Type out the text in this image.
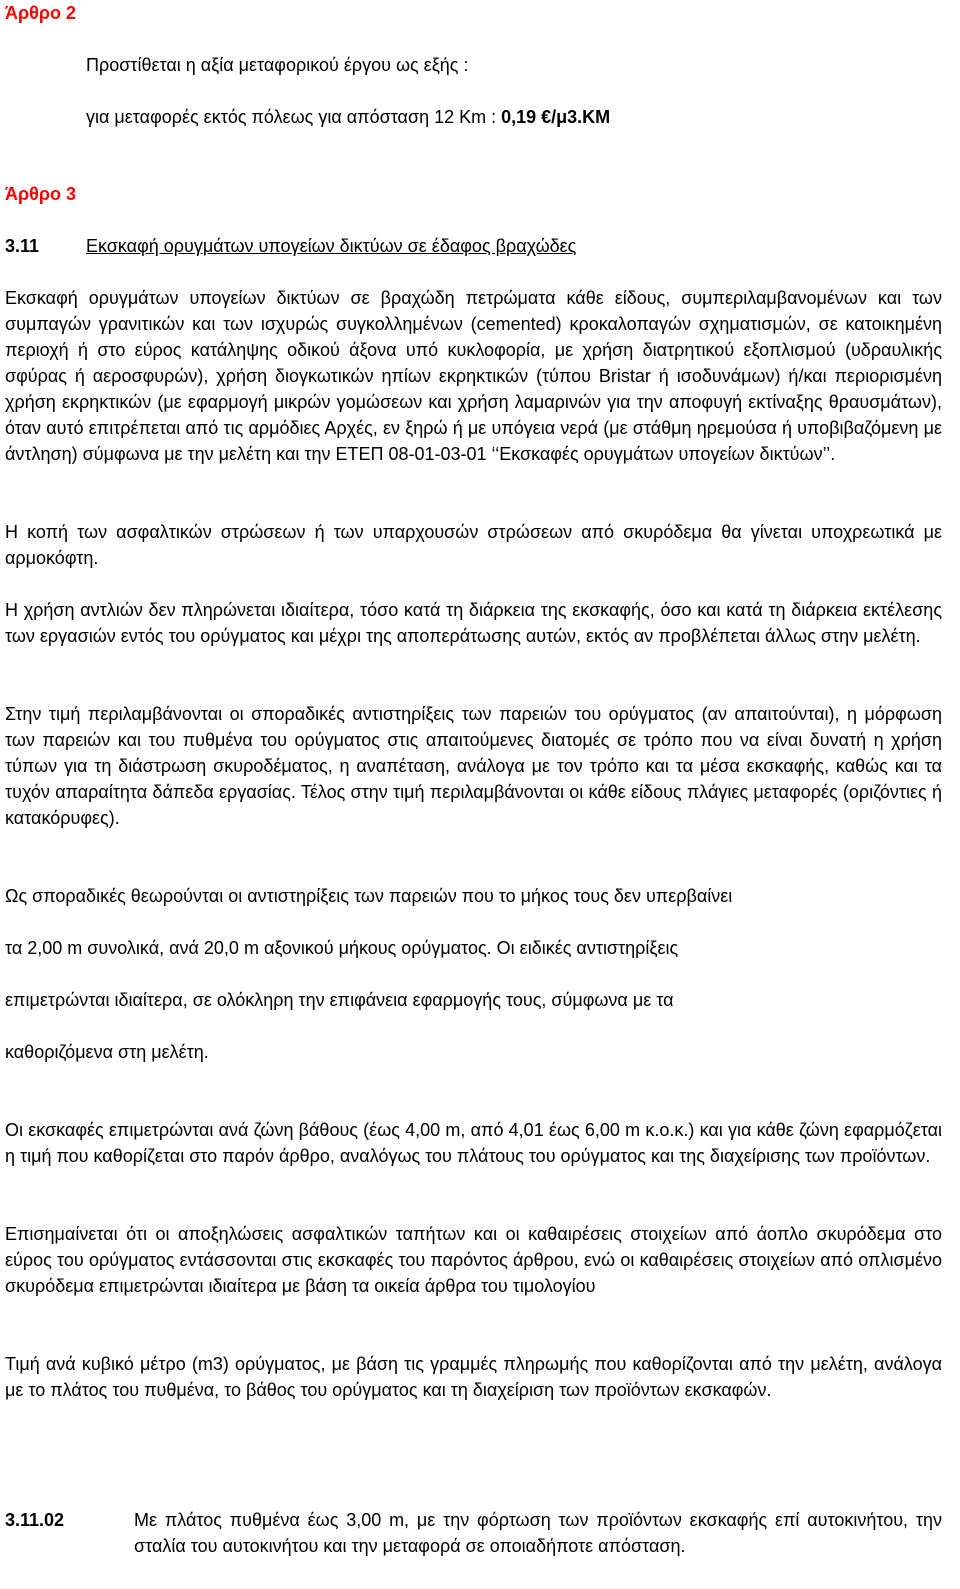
Άρθρο 2
Προστίθεται η αξία μεταφορικού έργου ως εξής :
για μεταφορές εκτός πόλεως για απόσταση 12 Km : 0,19 €/μ3.ΚΜ
Άρθρο 3
3.11	Εκσκαφή ορυγμάτων υπογείων δικτύων σε έδαφος βραχώδες
Εκσκαφή ορυγμάτων υπογείων δικτύων σε βραχώδη πετρώματα κάθε είδους, συμπεριλαμβανομένων και των συμπαγών γρανιτικών και των ισχυρώς συγκολλημένων (cemented) κροκαλοπαγών σχηματισμών, σε κατοικημένη περιοχή ή στο εύρος κατάληψης οδικού άξονα υπό κυκλοφορία, με χρήση διατρητικού εξοπλισμού (υδραυλικής σφύρας ή αεροσφυρών), χρήση διογκωτικών ηπίων εκρηκτικών (τύπου Bristar ή ισοδυνάμων) ή/και περιορισμένη χρήση εκρηκτικών (με εφαρμογή μικρών γομώσεων και χρήση λαμαρινών για την αποφυγή εκτίναξης θραυσμάτων), όταν αυτό επιτρέπεται από τις αρμόδιες Αρχές, εν ξηρώ ή με υπόγεια νερά (με στάθμη ηρεμούσα ή υποβιβαζόμενη με άντληση) σύμφωνα με την μελέτη και την ΕΤΕΠ 08-01-03-01 ‘‘Εκσκαφές ορυγμάτων υπογείων δικτύων’’.
Η κοπή των ασφαλτικών στρώσεων ή των υπαρχουσών στρώσεων από σκυρόδεμα θα γίνεται υποχρεωτικά με αρμοκόφτη.
Η χρήση αντλιών δεν πληρώνεται ιδιαίτερα, τόσο κατά τη διάρκεια της εκσκαφής, όσο και κατά τη διάρκεια εκτέλεσης των εργασιών εντός του ορύγματος και μέχρι της αποπεράτωσης αυτών, εκτός αν προβλέπεται άλλως στην μελέτη.
Στην τιμή περιλαμβάνονται οι σποραδικές αντιστηρίξεις των παρειών του ορύγματος (αν απαιτούνται), η μόρφωση των παρειών και του πυθμένα του ορύγματος στις απαιτούμενες διατομές σε τρόπο που να είναι δυνατή η χρήση τύπων για τη διάστρωση σκυροδέματος, η αναπέταση, ανάλογα με τον τρόπο και τα μέσα εκσκαφής, καθώς και τα τυχόν απαραίτητα δάπεδα εργασίας. Τέλος στην τιμή περιλαμβάνονται οι κάθε είδους πλάγιες μεταφορές (οριζόντιες ή κατακόρυφες).
Ως σποραδικές θεωρούνται οι αντιστηρίξεις των παρειών που το μήκος τους δεν υπερβαίνει
τα 2,00 m συνολικά, ανά 20,0 m αξονικού μήκους ορύγματος. Οι ειδικές αντιστηρίξεις
επιμετρώνται ιδιαίτερα, σε ολόκληρη την επιφάνεια εφαρμογής τους, σύμφωνα με τα
καθοριζόμενα στη μελέτη.
Οι εκσκαφές επιμετρώνται ανά ζώνη βάθους (έως 4,00 m, από 4,01 έως 6,00 m κ.ο.κ.) και για κάθε ζώνη εφαρμόζεται η τιμή που καθορίζεται στο παρόν άρθρο, αναλόγως του πλάτους του ορύγματος και της διαχείρισης των προϊόντων.
Επισημαίνεται ότι οι αποξηλώσεις ασφαλτικών ταπήτων και οι καθαιρέσεις στοιχείων από άοπλο σκυρόδεμα στο εύρος του ορύγματος εντάσσονται στις εκσκαφές του παρόντος άρθρου, ενώ οι καθαιρέσεις στοιχείων από οπλισμένο σκυρόδεμα επιμετρώνται ιδιαίτερα με βάση τα οικεία άρθρα του τιμολογίου
Τιμή ανά κυβικό μέτρο (m3) ορύγματος, με βάση τις γραμμές πληρωμής που καθορίζονται από την μελέτη, ανάλογα με το πλάτος του πυθμένα, το βάθος του ορύγματος και τη διαχείριση των προϊόντων εκσκαφών.
3.11.02	Με πλάτος πυθμένα έως 3,00 m, με την φόρτωση των προϊόντων εκσκαφής επί αυτοκινήτου, την σταλία του αυτοκινήτου και την μεταφορά σε οποιαδήποτε απόσταση.
